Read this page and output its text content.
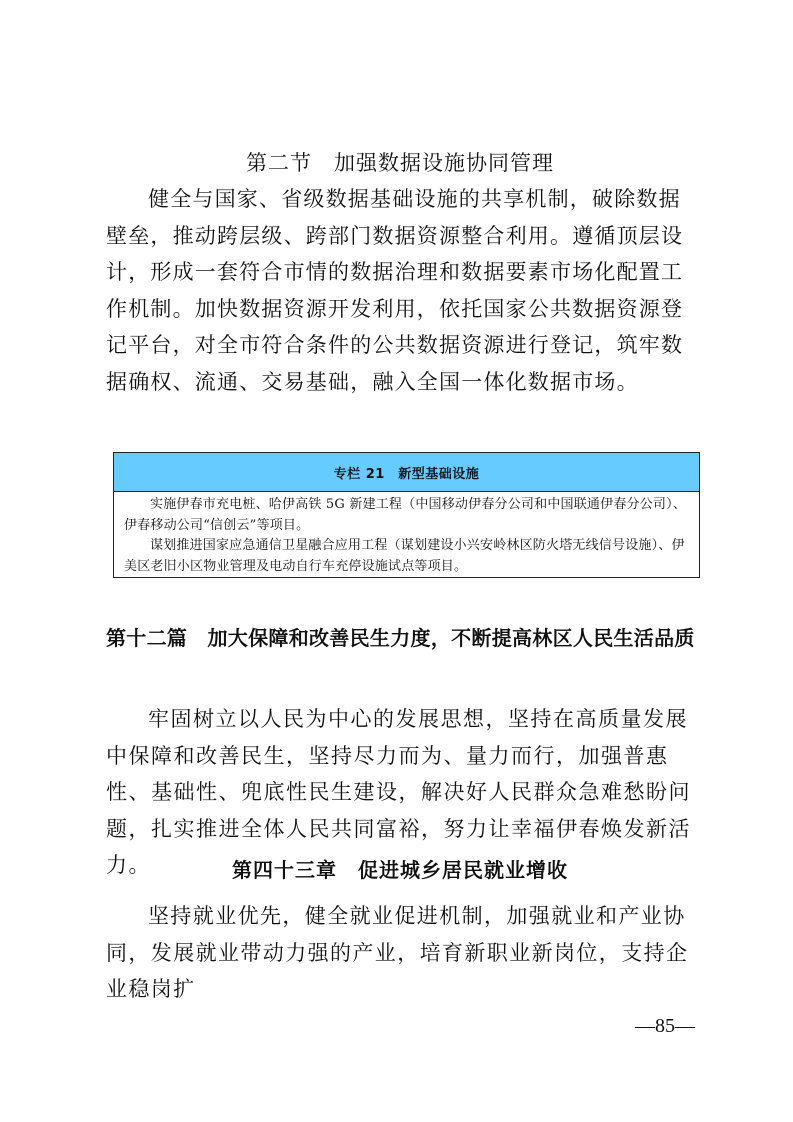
第二节　加强数据设施协同管理

健全与国家、省级数据基础设施的共享机制，破除数据壁垒，推动跨层级、跨部门数据资源整合利用。遵循顶层设计，形成一套符合市情的数据治理和数据要素市场化配置工作机制。加快数据资源开发利用，依托国家公共数据资源登记平台，对全市符合条件的公共数据资源进行登记，筑牢数据确权、流通、交易基础，融入全国一体化数据市场。

专栏 21　新型基础设施

实施伊春市充电桩、哈伊高铁 5G 新建工程（中国移动伊春分公司和中国联通伊春分公司）、伊春移动公司“信创云”等项目。

谋划推进国家应急通信卫星融合应用工程（谋划建设小兴安岭林区防火塔无线信号设施）、伊美区老旧小区物业管理及电动自行车充停设施试点等项目。

第十二篇　加大保障和改善民生力度，不断提高林区人民生活品质

牢固树立以人民为中心的发展思想，坚持在高质量发展中保障和改善民生，坚持尽力而为、量力而行，加强普惠性、基础性、兜底性民生建设，解决好人民群众急难愁盼问题，扎实推进全体人民共同富裕，努力让幸福伊春焕发新活力。	第四十三章　促进城乡居民就业增收

坚持就业优先，健全就业促进机制，加强就业和产业协同，发展就业带动力强的产业，培育新职业新岗位，支持企业稳岗扩

—85—
